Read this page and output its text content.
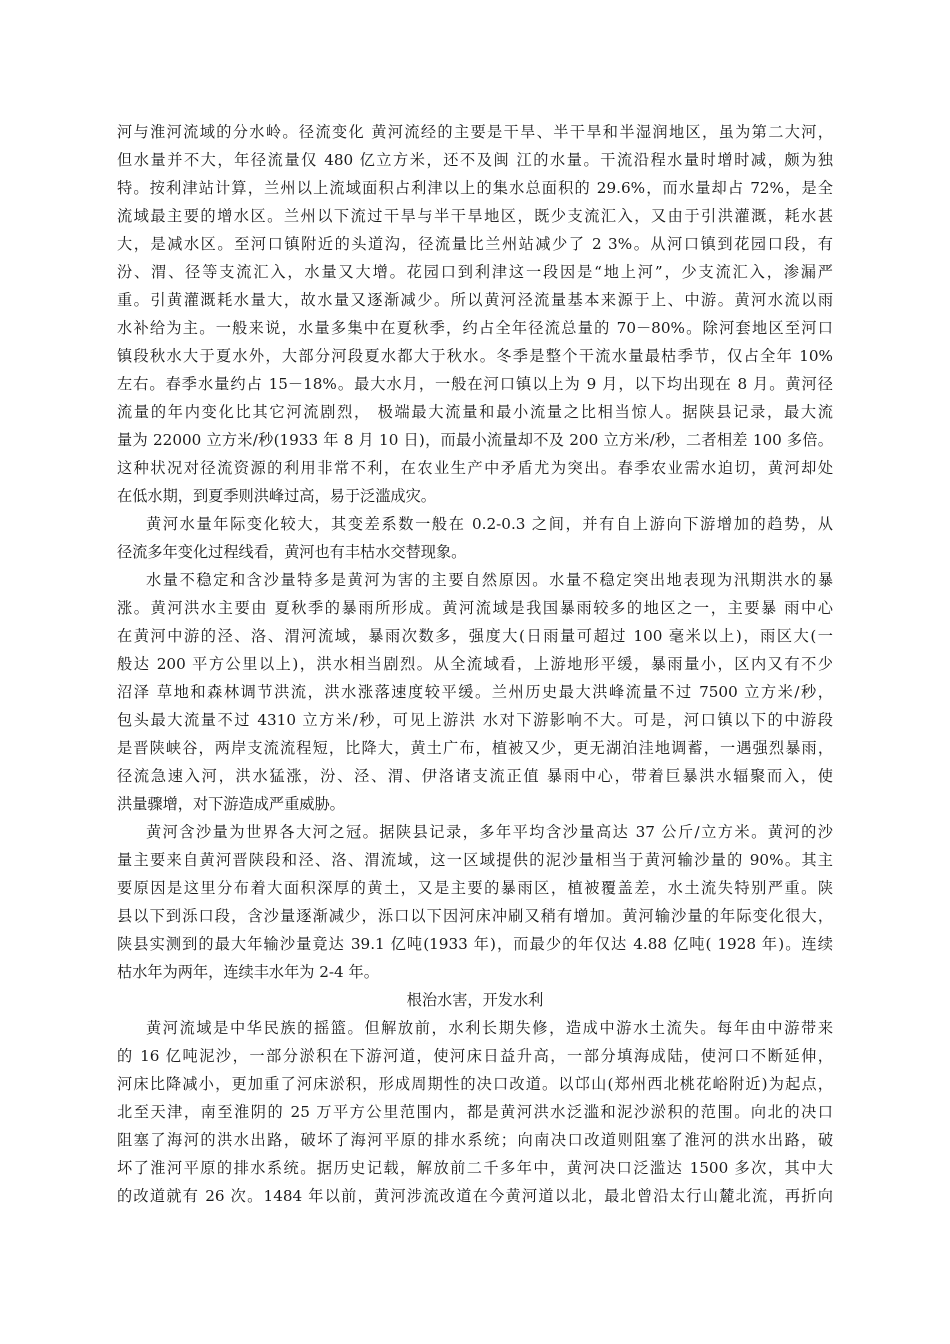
河与淮河流域的分水岭。径流变化 黄河流经的主要是干旱、半干旱和半湿润地区，虽为第二大河，
但水量并不大，年径流量仅 480 亿立方米，还不及闽 江的水量。干流沿程水量时增时减，颇为独
特。按利津站计算，兰州以上流域面积占利津以上的集水总面积的 29.6%，而水量却占 72%，是全
流域最主要的增水区。兰州以下流过干旱与半干旱地区，既少支流汇入，又由于引洪灌溉，耗水甚
大，是减水区。至河口镇附近的头道沟，径流量比兰州站减少了 2 3%。从河口镇到花园口段，有
汾、渭、径等支流汇入，水量又大增。花园口到利津这一段因是“地上河”，少支流汇入，渗漏严
重。引黄灌溉耗水量大，故水量又逐渐减少。所以黄河泾流量基本来源于上、中游。黄河水流以雨
水补给为主。一般来说，水量多集中在夏秋季，约占全年径流总量的 70－80%。除河套地区至河口
镇段秋水大于夏水外，大部分河段夏水都大于秋水。冬季是整个干流水量最枯季节，仅占全年 10%
左右。春季水量约占 15－18%。最大水月，一般在河口镇以上为 9 月，以下均出现在 8 月。黄河径
流量的年内变化比其它河流剧烈， 极端最大流量和最小流量之比相当惊人。据陕县记录，最大流
量为 22000 立方米/秒(1933 年 8 月 10 日)，而最小流量却不及 200 立方米/秒，二者相差 100 多倍。
这种状况对径流资源的利用非常不利，在农业生产中矛盾尤为突出。春季农业需水迫切，黄河却处
在低水期，到夏季则洪峰过高，易于泛滥成灾。
黄河水量年际变化较大，其变差系数一般在 0.2-0.3 之间，并有自上游向下游增加的趋势，从
径流多年变化过程线看，黄河也有丰枯水交替现象。
水量不稳定和含沙量特多是黄河为害的主要自然原因。水量不稳定突出地表现为汛期洪水的暴
涨。黄河洪水主要由 夏秋季的暴雨所形成。黄河流域是我国暴雨较多的地区之一，主要暴 雨中心
在黄河中游的泾、洛、渭河流域，暴雨次数多，强度大(日雨量可超过 100 毫米以上)，雨区大(一
般达 200 平方公里以上)，洪水相当剧烈。从全流域看，上游地形平缓，暴雨量小，区内又有不少
沼泽 草地和森林调节洪流，洪水涨落速度较平缓。兰州历史最大洪峰流量不过 7500 立方米/秒，
包头最大流量不过 4310 立方米/秒，可见上游洪 水对下游影响不大。可是，河口镇以下的中游段
是晋陕峡谷，两岸支流流程短，比降大，黄土广布，植被又少，更无湖泊洼地调蓄，一遇强烈暴雨，
径流急速入河，洪水猛涨，汾、泾、渭、伊洛诸支流正值 暴雨中心，带着巨暴洪水辐聚而入，使
洪量骤增，对下游造成严重威胁。
黄河含沙量为世界各大河之冠。据陕县记录，多年平均含沙量高达 37 公斤/立方米。黄河的沙
量主要来自黄河晋陕段和泾、洛、渭流域，这一区域提供的泥沙量相当于黄河输沙量的 90%。其主
要原因是这里分布着大面积深厚的黄土，又是主要的暴雨区，植被覆盖差，水土流失特别严重。陕
县以下到泺口段，含沙量逐渐减少，泺口以下因河床冲刷又稍有增加。黄河输沙量的年际变化很大，
陕县实测到的最大年输沙量竟达 39.1 亿吨(1933 年)，而最少的年仅达 4.88 亿吨( 1928 年)。连续
枯水年为两年，连续丰水年为 2-4 年。
根治水害，开发水利
黄河流域是中华民族的摇篮。但解放前，水利长期失修，造成中游水土流失。每年由中游带来
的 16 亿吨泥沙，一部分淤积在下游河道，使河床日益升高，一部分填海成陆，使河口不断延伸，
河床比降减小，更加重了河床淤积，形成周期性的决口改道。以邙山(郑州西北桃花峪附近)为起点，
北至天津，南至淮阴的 25 万平方公里范围内，都是黄河洪水泛滥和泥沙淤积的范围。向北的决口
阻塞了海河的洪水出路，破坏了海河平原的排水系统；向南决口改道则阻塞了淮河的洪水出路，破
坏了淮河平原的排水系统。据历史记载，解放前二千多年中，黄河决口泛滥达 1500 多次，其中大
的改道就有 26 次。1484 年以前，黄河涉流改道在今黄河道以北，最北曾沿太行山麓北流，再折向
